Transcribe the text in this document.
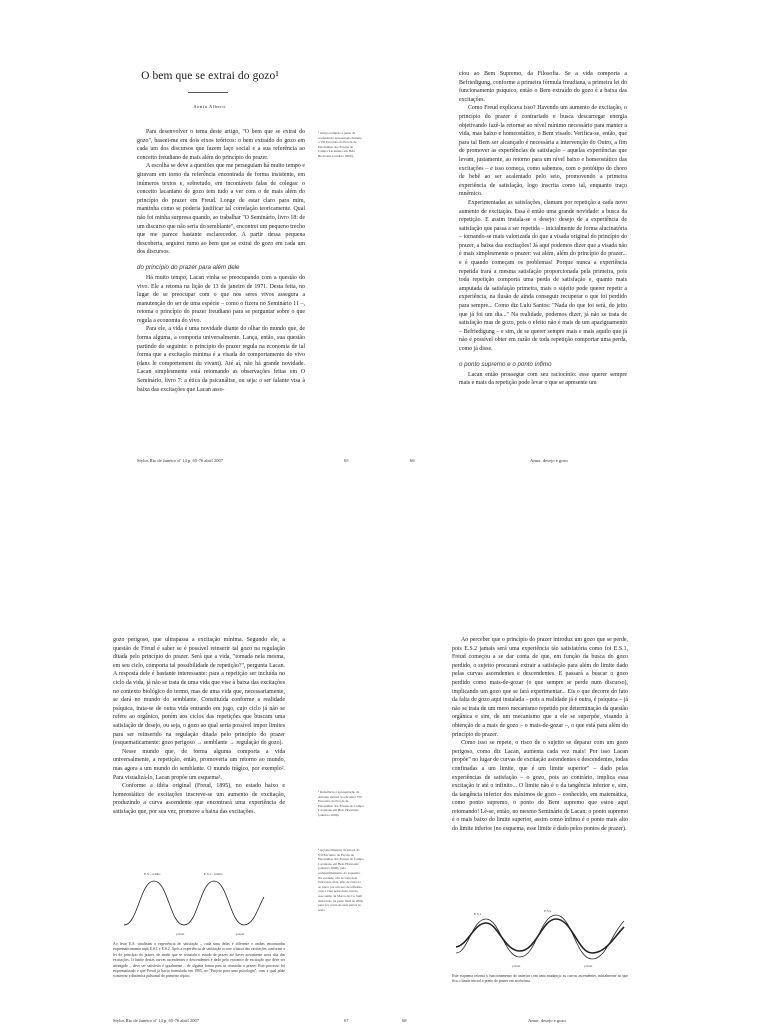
O bem que se extrai do gozo¹

Sonia Alberti

Para desenvolver o tema deste artigo, "O bem que se extrai do gozo", baseei-me em dois eixos teóricos: o bem extraído do gozo em cada um dos discursos que fazem laço social e a sua referência ao conceito freudiano de mais além do princípio do prazer.

A escolha se deve a questões que me perseguiam há muito tempo e giravam em torno da referência encontrada de forma insistente, em inúmeros textos e, sobretudo, em incontáveis falas de colegas: o conceito lacaniano de gozo tem tudo a ver com o de mais além do princípio do prazer em Freud. Longe de estar claro para mim, mantinha como se poderia justificar tal correlação teoricamente. Qual não foi minha surpresa quando, ao trabalhar "O Seminário, livro 18: de um discurso que não seria do semblante", encontrei um pequeno trecho que me parece bastante esclarecedor. A partir dessa pequena descoberta, seguirei rumo ao bem que se extrai do gozo em cada um dos discursos.

do princípio do prazer para além dele

Há muito tempo, Lacan vinha se preocupando com a questão do vivo. Ele a retoma na lição de 13 de janeiro de 1971. Desta feita, no lugar de se preocupar com o que nos seres vivos assegura a manutenção do ser de uma espécie – como o fizera no Seminário 11 –, retoma o princípio do prazer freudiano para se perguntar sobre o que regula a economia do vivo.

Para ele, a vida é uma novidade diante do olhar do mundo que, de forma alguma, a comporta universalmente. Lança, então, sua questão partindo do seguinte: o princípio do prazer regula na economia de tal forma que a excitação mínima é a visada do comportamento do vivo (dans le comportement du vivant). Até aí, não há grande novidade. Lacan simplesmente está retomando as observações feitas em O Seminário, livro 7: a ética da psicanálise, ou seja: o ser falante visa à baixa das excitações que Lacan asso-

¹ Artigo redigido a partir da conferência apresentada durante o VII Encontro da Escola de Psicanálise dos Fóruns do Campo Lacaniano em Belo Horizonte (outubro 2006).

Stylus Rio de Janeiro nº 14 p. 65-76 abril 2007	65

ciou ao Bem Supremo, da Filosofia. Se a vida comporta a Befriedigung, conforme a primeira fórmula freudiana, a primeira lei do funcionamento psíquico, então o Bem extraído do gozo é a baixa das excitações.

Como Freud explicava isso? Havendo um aumento de excitação, o princípio do prazer é contrariado e busca descarregar energia objetivando fazê-la retornar ao nível mínimo necessário para manter a vida, mas baixo e homeostático, o Bem visado. Verifica-se, então, que para tal Bem ser alcançado é necessária a intervenção do Outro, a fim de promover as experiências de satisfação – aquelas experiências que levam, justamente, ao retorno para um nível baixo e homeostático das excitações – e isso começa, como sabemos, com o protótipo do choro de bebê ao ser acalentado pelo seio, promovendo a primeira experiência de satisfação, logo inscrita como tal, enquanto traço mnêmico.

Experimentadas as satisfações, clamam por repetição a cada novo aumento de excitação. Essa é então uma grande novidade: a busca da repetição. E assim instala-se o desejo: desejo de a experiência de satisfação que passa a ser repetida – inicialmente de forma alucinatória – tornando-se mais valorizada do que a visada original do princípio do prazer, a baixa das excitações! Já aqui podemos dizer que a visada não é mais simplesmente o prazer: vai além, além do princípio do prazer... e é quando começam os problemas! Porque nunca a experiência repetida trará a mesma satisfação proporcionada pela primeira, pois toda repetição comporta uma perda de satisfação e, quanto mais amputada da satisfação primeira, mais o sujeito pode querer repetir a experiência, na ilusão de ainda conseguir recuperar o que foi perdido para sempre... Como diz Lulu Santos: "Nada do que foi será, do jeito que já foi um dia..." Na realidade, podemos dizer, já não se trata de satisfação mas de gozo, pois o efeito não é mais de um apaziguamento – Befriedigung – e sim, de se querer sempre mais e mais aquilo que já não é possível obter em razão de toda repetição comportar uma perda, como já disse.

o ponto supremo e o ponto ínfimo

Lacan então prossegue com seu raciocínio: esse querer sempre mais e mais da repetição pode levar o que se apresente um

66	Amor, desejo e gozo

gozo perigoso, que ultrapassa a excitação mínima. Segundo ele, a questão de Freud é saber se é possível reinserir tal gozo na regulação ditada pelo princípio do prazer. Será que a vida, "tomada nela mesma, em seu ciclo, comporta tal possibilidade de repetição?", pergunta Lacan. A resposta dele é bastante interessante: para a repetição ser incluída no ciclo da vida, já não se trata de uma vida que vise à baixa das excitações no contexto biológico do termo, mas de uma vida que, necessariamente, se dará no mundo do semblante. Constituída conforme a realidade psíquica, trata-se de outra vida entrando em jogo, cujo ciclo já não se refere ao orgânico, porém aos ciclos das repetições que buscam uma satisfação de desejo, ou seja, o gozo ao qual seria possível impor limites para ser reinserido na regulação ditada pelo princípio do prazer (esquematicamente: gozo perigoso → semblante → regulação do gozo).

Nesse mundo que, de forma alguma comporta a vida universalmente, a repetição, então, promoveria um retorno ao mundo, mas agora a um mundo do semblante. O mundo trágico, por exemplo². Para visualizá-lo, Lacan propõe um esquema³.

Conforme a idéia original (Freud, 1895), no estado baixo e homeostático de excitações inscreve-se um aumento de excitação, produzindo a curva ascendente que encontrará uma experiência de satisfação que, por sua vez, promove a baixa das excitações.

² Referência à apresentação de Antonio Quinet no encontro VII Encontro da Escola de Psicanálise dos Fóruns do Campo Lacaniano em Belo Horizonte (outubro 2006).

³ Agradecimentos da autora do VII Encontro da Escola de Psicanálise dos Fóruns do Campo Lacaniano em Belo Horizonte (outubro 2006), pelo compartilhamento do esquema. Na verdade, não se trata dele funcionar, mas, sim, de fazer-lo ao leitor por um ano de reflexão, com a vida pelas duas curvas, esse senão da Marca de Ca, bem destacado, na parte final de 2006, para por conta de suas partes no texto.

E.S. - lembr.	E.S.2 - lembr.
prazer	prazer

Ao lesar E.S. sinalizam a experiência de satisfação – cada uma delas é diferente e ambas encontradas esquematicamente aqui E.S.1 e E.S.2. Após a experiência de satisfação ocorre a baixa das excitações conforme a lei do princípio do prazer, de modo que se reinstala o estado de prazer até haver novamente nova alta das excitações. O limite destas curvas ascendentes e descendentes é dado pelo encontro de excitação que deve ser abreagido – deve ser satisfeito é igualmente – de alguma forma para se reinstalar o prazer. Este processo foi esquematizado e que Freud já havia formulado em 1895, no "Projeto para uma psicologia", com a qual pôde conservar a dinâmica pulsional do primeiro tópico.

Stylus Rio de Janeiro nº 14 p. 65-76 abril 2007	67

Ao perceber que o princípio do prazer introduz um gozo que se perde, pois E.S.2 jamais será uma experiência tão satisfatória como foi E.S.1, Freud começou a se dar conta de que, em função da busca do gozo perdido, o sujeito procurará extrair a satisfação para além do limite dado pelas curvas ascendentes e descendentes. E passará a buscar o gozo perdido como mais-de-gozar (o que sempre se perde num discurso), implicando um gozo que se fará experimentar... Eis o que decorre do fato da falta de gozo aqui instalada – pois a realidade já é outra, é psíquica – já não se trata de um mero mecanismo repetido por determinação da questão orgânica e sim, de um mecanismo que a ele se superpõe, visando à obtenção de a mais de gozo – o mais-de-gozar –, o que está para além do princípio do prazer.

Como isso se repete, o risco de o sujeito se deparar com um gozo perigoso, como diz Lacan, aumenta cada vez mais! Por isso Lacan propõe" no lugar de curvas de excitação ascendentes e descendentes, todas confinadas a um limite, que é um limite superior" – dado pelas experiências de satisfação – o gozo, pois ao contrário, implica essa excitação ir até o infinito... O limite não é o da tangência inferior e, sim, da tangência inferior dos máximos de gozo – conhecido, em matemática, como ponto supremo, o ponto do Bem supremo que estou aqui retomando! Lê-se, então, no mesmo Seminário de Lacan: o ponto supremo é o mais baixo do limite superior, assim como ínfimo é o ponto mais alto do limite inferior (no esquema, esse limite é dado pelos pontos de prazer).

E.S.1
E.S.2
prazer	prazer

Este esquema retoma o funcionamento do anterior com uma mudança: as curvas ascendentes inicialmente ao que fica o limite inicial o ponto de prazer em acréscimo.

68	Amor, desejo e gozo
